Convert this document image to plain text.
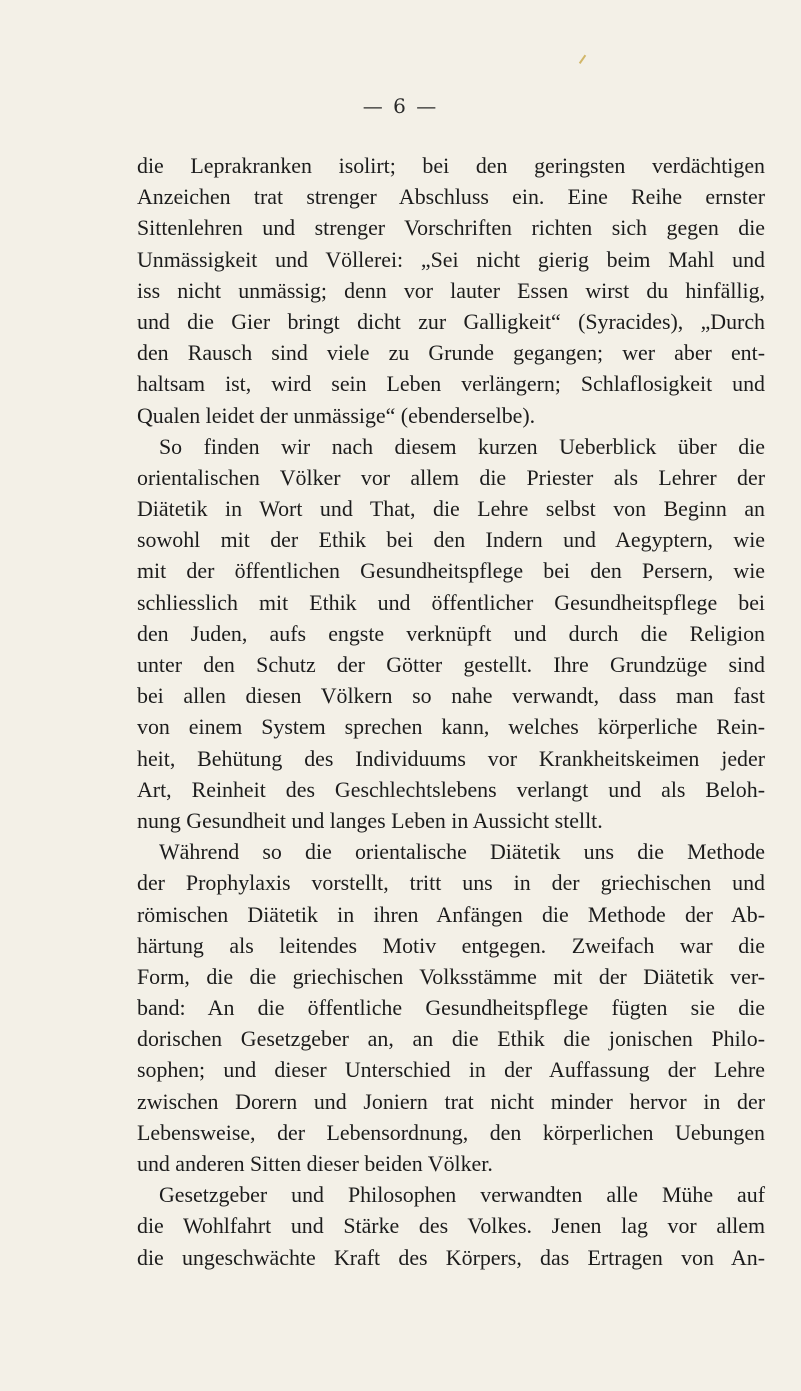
— 6 —
die Leprakranken isolirt; bei den geringsten verdächtigen
Anzeichen trat strenger Abschluss ein. Eine Reihe ernster
Sittenlehren und strenger Vorschriften richten sich gegen die
Unmässigkeit und Völlerei: „Sei nicht gierig beim Mahl und
iss nicht unmässig; denn vor lauter Essen wirst du hinfällig,
und die Gier bringt dicht zur Galligkeit“ (Syracides), „Durch
den Rausch sind viele zu Grunde gegangen; wer aber ent-
haltsam ist, wird sein Leben verlängern; Schlaflosigkeit und
Qualen leidet der unmässige“ (ebenderselbe).
So finden wir nach diesem kurzen Ueberblick über die
orientalischen Völker vor allem die Priester als Lehrer der
Diätetik in Wort und That, die Lehre selbst von Beginn an
sowohl mit der Ethik bei den Indern und Aegyptern, wie
mit der öffentlichen Gesundheitspflege bei den Persern, wie
schliesslich mit Ethik und öffentlicher Gesundheitspflege bei
den Juden, aufs engste verknüpft und durch die Religion
unter den Schutz der Götter gestellt. Ihre Grundzüge sind
bei allen diesen Völkern so nahe verwandt, dass man fast
von einem System sprechen kann, welches körperliche Rein-
heit, Behütung des Individuums vor Krankheitskeimen jeder
Art, Reinheit des Geschlechtslebens verlangt und als Beloh-
nung Gesundheit und langes Leben in Aussicht stellt.
Während so die orientalische Diätetik uns die Methode
der Prophylaxis vorstellt, tritt uns in der griechischen und
römischen Diätetik in ihren Anfängen die Methode der Ab-
härtung als leitendes Motiv entgegen. Zweifach war die
Form, die die griechischen Volksstämme mit der Diätetik ver-
band: An die öffentliche Gesundheitspflege fügten sie die
dorischen Gesetzgeber an, an die Ethik die jonischen Philo-
sophen; und dieser Unterschied in der Auffassung der Lehre
zwischen Dorern und Joniern trat nicht minder hervor in der
Lebensweise, der Lebensordnung, den körperlichen Uebungen
und anderen Sitten dieser beiden Völker.
Gesetzgeber und Philosophen verwandten alle Mühe auf
die Wohlfahrt und Stärke des Volkes. Jenen lag vor allem
die ungeschwächte Kraft des Körpers, das Ertragen von An-
